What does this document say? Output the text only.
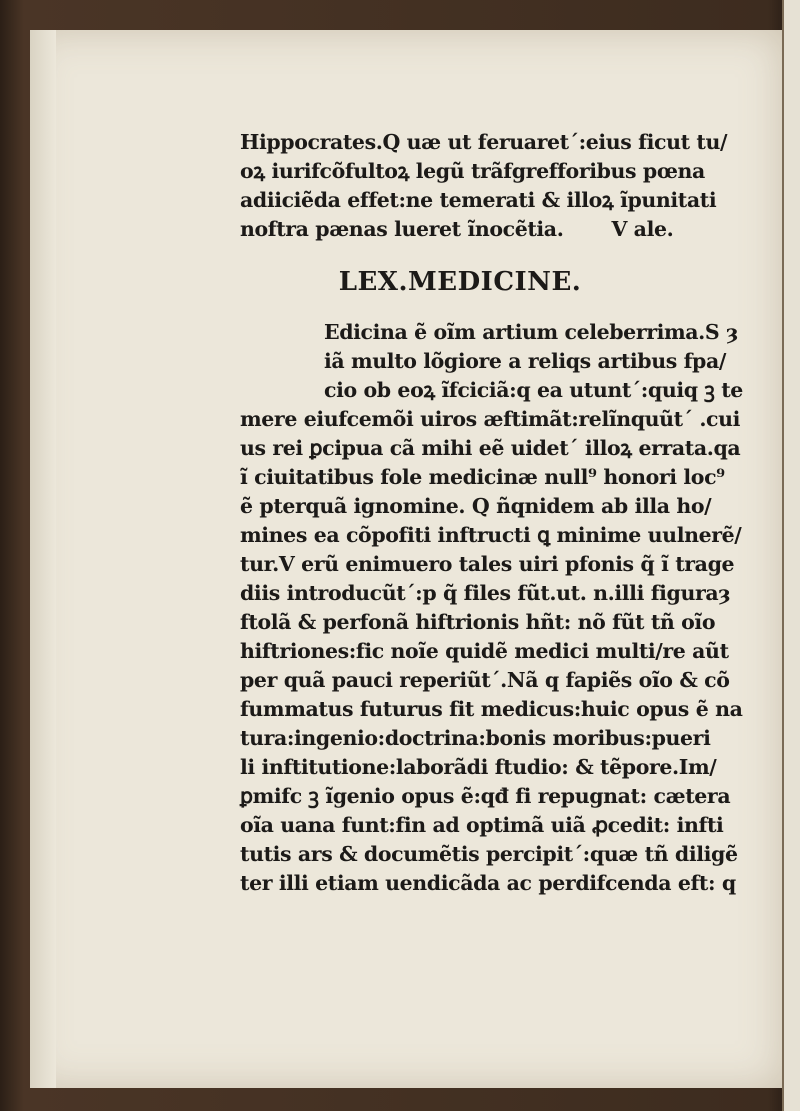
Hippocrates.Q uæ ut feruaretˊ:eius ficut tu/
oꝝ iurifcõfultoꝝ legũ trãfgrefforibus pœna
adiiciẽda effet:ne temerati & illoꝝ ĩpunitati
noftra pænas lueret ĩnocẽtia. V ale.
LEX.MEDICINE.
Edicina ẽ oĩm artium celeberrima.S ȝ
iã multo lõgiore a reliqs artibus fpa/
cio ob eoꝝ ĩfciciã:q ea utuntˊ:quiq ꝫ te
mere eiufcemõi uiros æftimãt:relĩnquũtˊ .cui
us rei ꝑcipua cã mihi eẽ uidetˊ illoꝝ errata.qa
ĩ ciuitatibus fole medicinæ null⁹ honori loc⁹
ẽ pterquã ignomine. Q ñqnidem ab illa ho/
mines ea cõpofiti inftructi ꝗ minime uulnerẽ/
tur.V erũ enimuero tales uiri pfonis q̃ ĩ trage
diis introducũtˊ:p q̃ files fũt.ut. n.illi figuraȝ
ftolã & perfonã hiftrionis hñt: nõ fũt tñ oĩo
hiftriones:fic noĩe quidẽ medici multi/re aũt
per quã pauci reperiũtˊ.Nã q fapiẽs oĩo & cõ
fummatus futurus fit medicus:huic opus ẽ na
tura:ingenio:doctrina:bonis moribus:pueri
li inftitutione:laborãdi ftudio: & tẽpore.Im/
ꝑmifc ꝫ ĩgenio opus ẽ:qđ fi repugnat: cætera
oĩa uana funt:fin ad optimã uiã ꝓcedit: infti
tutis ars & documẽtis percipitˊ:quæ tñ diligẽ
ter illi etiam uendicãda ac perdifcenda eft: q
